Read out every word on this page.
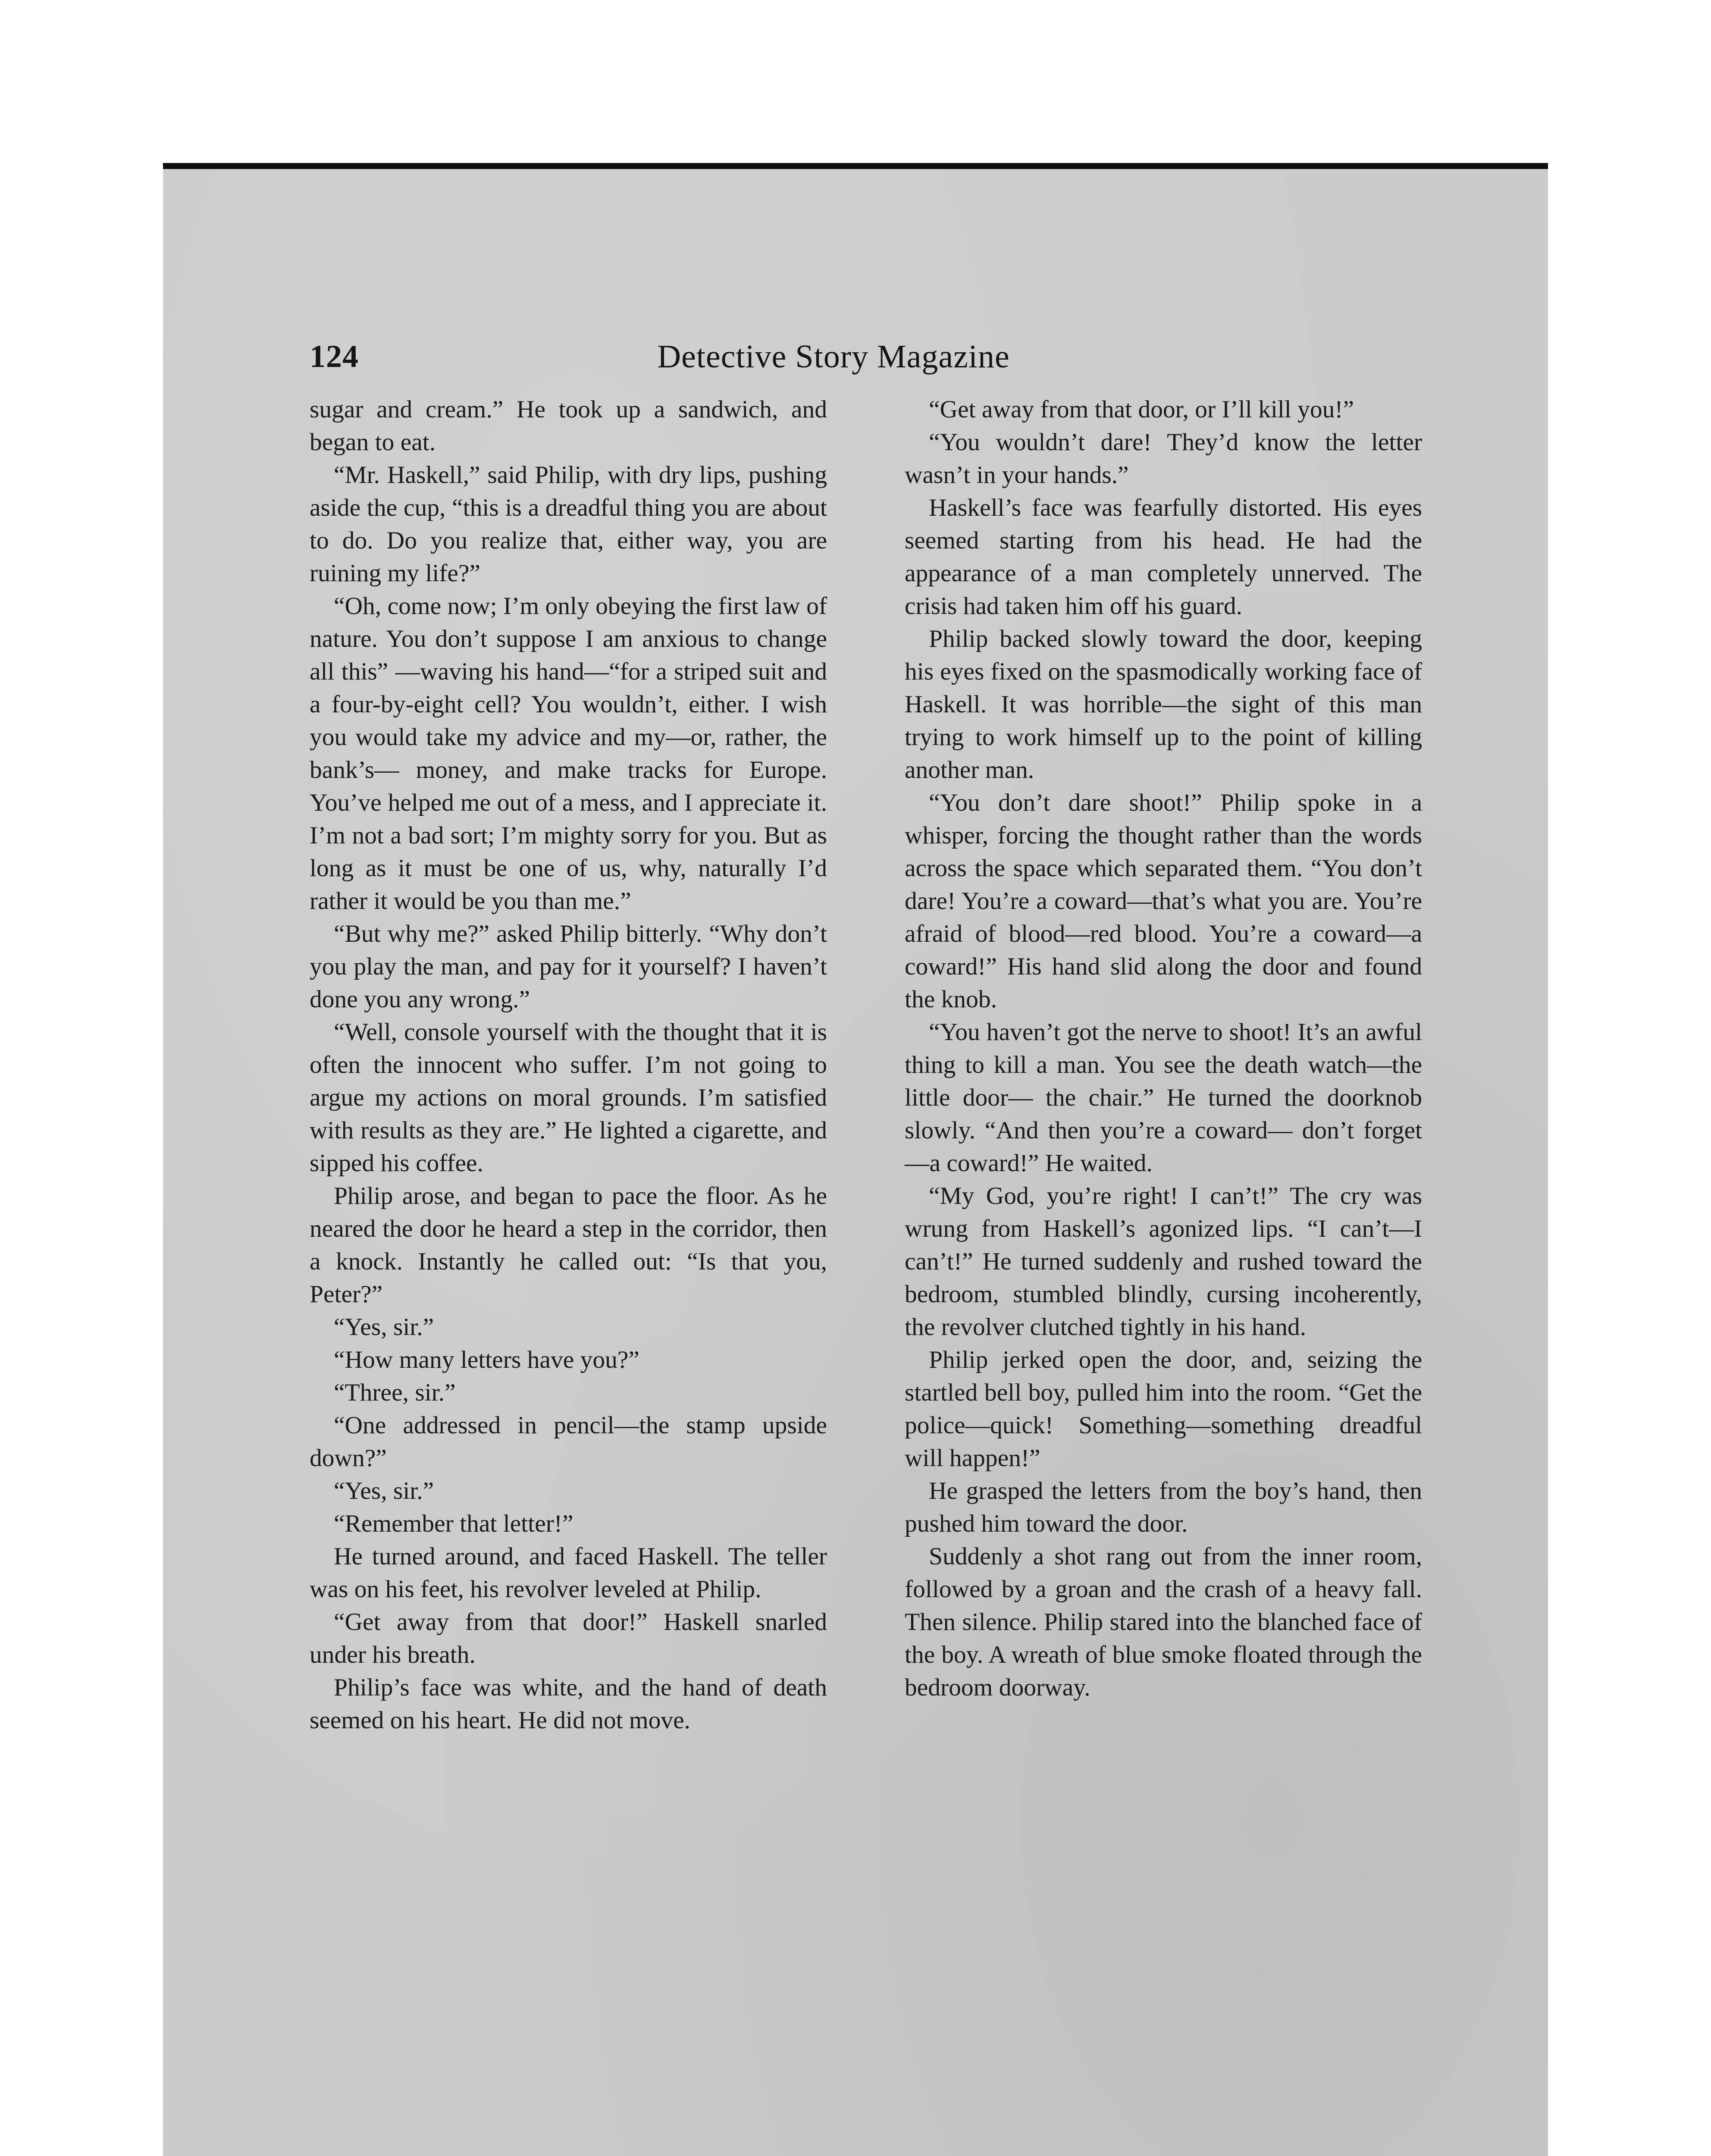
124	Detective Story Magazine

sugar and cream.” He took up a sandwich, and began to eat.

“Mr. Haskell,” said Philip, with dry lips, pushing aside the cup, “this is a dreadful thing you are about to do. Do you realize that, either way, you are ruining my life?”

“Oh, come now; I’m only obeying the first law of nature. You don’t suppose I am anxious to change all this” —waving his hand—“for a striped suit and a four-by-eight cell? You wouldn’t, either. I wish you would take my advice and my—or, rather, the bank’s— money, and make tracks for Europe. You’ve helped me out of a mess, and I appreciate it. I’m not a bad sort; I’m mighty sorry for you. But as long as it must be one of us, why, naturally I’d rather it would be you than me.”

“But why me?” asked Philip bitterly. “Why don’t you play the man, and pay for it yourself? I haven’t done you any wrong.”

“Well, console yourself with the thought that it is often the innocent who suffer. I’m not going to argue my actions on moral grounds. I’m satisfied with results as they are.” He lighted a cigarette, and sipped his coffee.

Philip arose, and began to pace the floor. As he neared the door he heard a step in the corridor, then a knock. Instantly he called out: “Is that you, Peter?”

“Yes, sir.”

“How many letters have you?”

“Three, sir.”

“One addressed in pencil—the stamp upside down?”

“Yes, sir.”

“Remember that letter!”

He turned around, and faced Haskell. The teller was on his feet, his revolver leveled at Philip.

“Get away from that door!” Haskell snarled under his breath.

Philip’s face was white, and the hand of death seemed on his heart. He did not move.

“Get away from that door, or I’ll kill you!”

“You wouldn’t dare! They’d know the letter wasn’t in your hands.”

Haskell’s face was fearfully distorted. His eyes seemed starting from his head. He had the appearance of a man completely unnerved. The crisis had taken him off his guard.

Philip backed slowly toward the door, keeping his eyes fixed on the spasmodically working face of Haskell. It was horrible—the sight of this man trying to work himself up to the point of killing another man.

“You don’t dare shoot!” Philip spoke in a whisper, forcing the thought rather than the words across the space which separated them. “You don’t dare! You’re a coward—that’s what you are. You’re afraid of blood—red blood. You’re a coward—a coward!” His hand slid along the door and found the knob.

“You haven’t got the nerve to shoot! It’s an awful thing to kill a man. You see the death watch—the little door— the chair.” He turned the doorknob slowly. “And then you’re a coward— don’t forget—a coward!” He waited.

“My God, you’re right! I can’t!” The cry was wrung from Haskell’s agonized lips. “I can’t—I can’t!” He turned suddenly and rushed toward the bedroom, stumbled blindly, cursing incoherently, the revolver clutched tightly in his hand.

Philip jerked open the door, and, seizing the startled bell boy, pulled him into the room. “Get the police—quick! Something—something dreadful will happen!”

He grasped the letters from the boy’s hand, then pushed him toward the door.

Suddenly a shot rang out from the inner room, followed by a groan and the crash of a heavy fall. Then silence. Philip stared into the blanched face of the boy. A wreath of blue smoke floated through the bedroom doorway.
